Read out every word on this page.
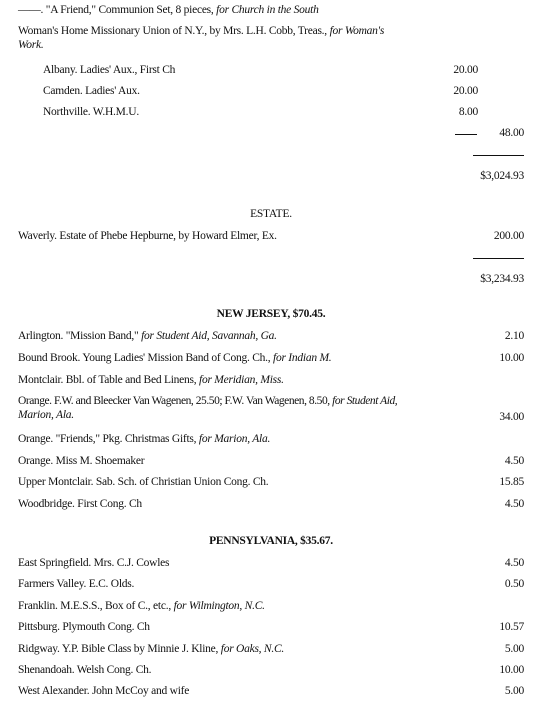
——. "A Friend," Communion Set, 8 pieces, for Church in the South
Woman's Home Missionary Union of N.Y., by Mrs. L.H. Cobb, Treas., for Woman's
Work.
Albany. Ladies' Aux., First Ch	20.00
Camden. Ladies' Aux.	20.00
Northville. W.H.M.U.	8.00
48.00
$3,024.93
ESTATE.
Waverly. Estate of Phebe Hepburne, by Howard Elmer, Ex.	200.00
$3,234.93
NEW JERSEY, $70.45.
Arlington. "Mission Band," for Student Aid, Savannah, Ga.	2.10
Bound Brook. Young Ladies' Mission Band of Cong. Ch., for Indian M.	10.00
Montclair. Bbl. of Table and Bed Linens, for Meridian, Miss.
Orange. F.W. and Bleecker Van Wagenen, 25.50; F.W. Van Wagenen, 8.50, for Student Aid,
Marion, Ala.	34.00
Orange. "Friends," Pkg. Christmas Gifts, for Marion, Ala.
Orange. Miss M. Shoemaker	4.50
Upper Montclair. Sab. Sch. of Christian Union Cong. Ch.	15.85
Woodbridge. First Cong. Ch	4.50
PENNSYLVANIA, $35.67.
East Springfield. Mrs. C.J. Cowles	4.50
Farmers Valley. E.C. Olds.	0.50
Franklin. M.E.S.S., Box of C., etc., for Wilmington, N.C.
Pittsburg. Plymouth Cong. Ch	10.57
Ridgway. Y.P. Bible Class by Minnie J. Kline, for Oaks, N.C.	5.00
Shenandoah. Welsh Cong. Ch.	10.00
West Alexander. John McCoy and wife	5.00
